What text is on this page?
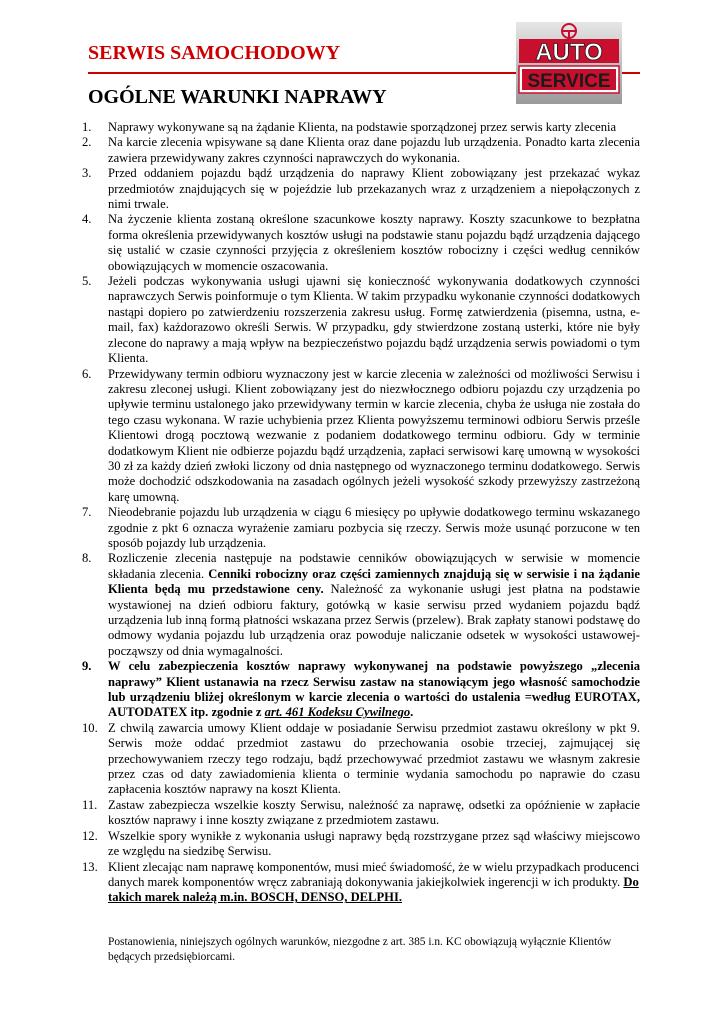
SERWIS SAMOCHODOWY
OGÓLNE WARUNKI NAPRAWY
AUTO
SERVICE
1.	Naprawy wykonywane są na żądanie Klienta, na podstawie sporządzonej przez serwis karty zlecenia
2.	Na karcie zlecenia wpisywane są dane Klienta oraz dane pojazdu lub urządzenia. Ponadto karta zlecenia zawiera przewidywany zakres czynności naprawczych do wykonania.
3.	Przed oddaniem pojazdu bądź urządzenia do naprawy Klient zobowiązany jest przekazać wykaz przedmiotów znajdujących się w pojeździe lub przekazanych wraz z urządzeniem a niepołączonych z nimi trwale.
4.	Na życzenie klienta zostaną określone szacunkowe koszty naprawy. Koszty szacunkowe to bezpłatna forma określenia przewidywanych kosztów usługi na podstawie stanu pojazdu bądź urządzenia dającego się ustalić w czasie czynności przyjęcia z określeniem kosztów robocizny i części według cenników obowiązujących w momencie oszacowania.
5.	Jeżeli podczas wykonywania usługi ujawni się konieczność wykonywania dodatkowych czynności naprawczych Serwis poinformuje o tym Klienta. W takim przypadku wykonanie czynności dodatkowych nastąpi dopiero po zatwierdzeniu rozszerzenia zakresu usług. Formę zatwierdzenia (pisemna, ustna, e-mail, fax) każdorazowo określi Serwis. W przypadku, gdy stwierdzone zostaną usterki, które nie były zlecone do naprawy a mają wpływ na bezpieczeństwo pojazdu bądź urządzenia serwis powiadomi o tym Klienta.
6.	Przewidywany termin odbioru wyznaczony jest w karcie zlecenia w zależności od możliwości Serwisu i zakresu zleconej usługi. Klient zobowiązany jest do niezwłocznego odbioru pojazdu czy urządzenia po upływie terminu ustalonego jako przewidywany termin w karcie zlecenia, chyba że usługa nie została do tego czasu wykonana. W razie uchybienia przez Klienta powyższemu terminowi odbioru Serwis prześle Klientowi drogą pocztową wezwanie z podaniem dodatkowego terminu odbioru. Gdy w terminie dodatkowym Klient nie odbierze pojazdu bądź urządzenia, zapłaci serwisowi karę umowną w wysokości 30 zł za każdy dzień zwłoki liczony od dnia następnego od wyznaczonego terminu dodatkowego. Serwis może dochodzić odszkodowania na zasadach ogólnych jeżeli wysokość szkody przewyższy zastrzeżoną karę umowną.
7.	Nieodebranie pojazdu lub urządzenia w ciągu 6 miesięcy po upływie dodatkowego terminu wskazanego zgodnie z pkt 6 oznacza wyrażenie zamiaru pozbycia się rzeczy. Serwis może usunąć porzucone w ten sposób pojazdy lub urządzenia.
8.	Rozliczenie zlecenia następuje na podstawie cenników obowiązujących w serwisie w momencie składania zlecenia. Cenniki robocizny oraz części zamiennych znajdują się w serwisie i na żądanie Klienta będą mu przedstawione ceny. Należność za wykonanie usługi jest płatna na podstawie wystawionej na dzień odbioru faktury, gotówką w kasie serwisu przed wydaniem pojazdu bądź urządzenia lub inną formą płatności wskazana przez Serwis (przelew). Brak zapłaty stanowi podstawę do odmowy wydania pojazdu lub urządzenia oraz powoduje naliczanie odsetek w wysokości ustawowej- począwszy od dnia wymagalności.
9.	W celu zabezpieczenia kosztów naprawy wykonywanej na podstawie powyższego „zlecenia naprawy” Klient ustanawia na rzecz Serwisu zastaw na stanowiącym jego własność samochodzie lub urządzeniu bliżej określonym w karcie zlecenia o wartości do ustalenia =według EUROTAX, AUTODATEX itp. zgodnie z art. 461 Kodeksu Cywilnego.
10. Z chwilą zawarcia umowy Klient oddaje w posiadanie Serwisu przedmiot zastawu określony w pkt 9. Serwis może oddać przedmiot zastawu do przechowania osobie trzeciej, zajmującej się przechowywaniem rzeczy tego rodzaju, bądź przechowywać przedmiot zastawu we własnym zakresie przez czas od daty zawiadomienia klienta o terminie wydania samochodu po naprawie do czasu zapłacenia kosztów naprawy na koszt Klienta.
11. Zastaw zabezpiecza wszelkie koszty Serwisu, należność za naprawę, odsetki za opóźnienie w zapłacie kosztów naprawy i inne koszty związane z przedmiotem zastawu.
12. Wszelkie spory wynikłe z wykonania usługi naprawy będą rozstrzygane przez sąd właściwy miejscowo ze względu na siedzibę Serwisu.
13. Klient zlecając nam naprawę komponentów, musi mieć świadomość, że w wielu przypadkach producenci danych marek komponentów wręcz zabraniają dokonywania jakiejkolwiek ingerencji w ich produkty. Do takich marek należą m.in. BOSCH, DENSO, DELPHI.
Postanowienia, niniejszych ogólnych warunków, niezgodne z art. 385 i.n. KC obowiązują wyłącznie Klientów będących przedsiębiorcami.
